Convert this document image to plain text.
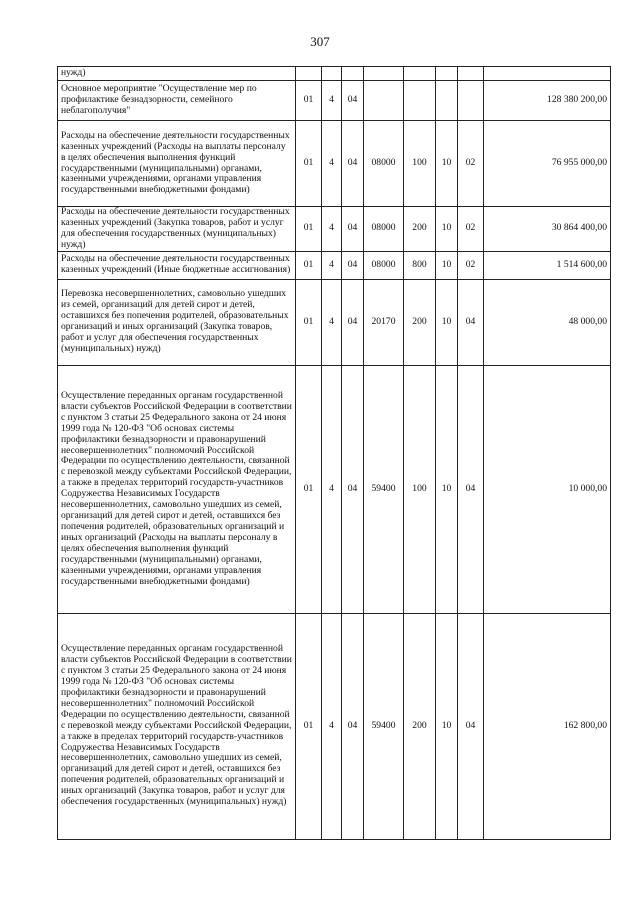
307
нужд)								
Основное мероприятие "Осуществление мер по профилактике безнадзорности, семейного неблагополучия"	01	4	04					128 380 200,00
Расходы на обеспечение деятельности государственных казенных учреждений (Расходы на выплаты персоналу в целях обеспечения выполнения функций государственными (муниципальными) органами, казенными учреждениями, органами управления государственными внебюджетными фондами)	01	4	04	08000	100	10	02	76 955 000,00
Расходы на обеспечение деятельности государственных казенных учреждений (Закупка товаров, работ и услуг для обеспечения государственных (муниципальных) нужд)	01	4	04	08000	200	10	02	30 864 400,00
Расходы на обеспечение деятельности государственных казенных учреждений (Иные бюджетные ассигнования)	01	4	04	08000	800	10	02	1 514 600,00
Перевозка несовершеннолетних, самовольно ушедших из семей, организаций для детей сирот и детей, оставшихся без попечения родителей, образовательных организаций и иных организаций (Закупка товаров, работ и услуг для обеспечения государственных (муниципальных) нужд)	01	4	04	20170	200	10	04	48 000,00
Осуществление переданных органам государственной власти субъектов Российской Федерации в соответствии с пунктом 3 статьи 25 Федерального закона от 24 июня 1999 года № 120-ФЗ "Об основах системы профилактики безнадзорности и правонарушений несовершеннолетних" полномочий Российской Федерации по осуществлению деятельности, связанной с перевозкой между субъектами Российской Федерации, а также в пределах территорий государств-участников Содружества Независимых Государств несовершеннолетних, самовольно ушедших из семей, организаций для детей сирот и детей, оставшихся без попечения родителей, образовательных организаций и иных организаций (Расходы на выплаты персоналу в целях обеспечения выполнения функций государственными (муниципальными) органами, казенными учреждениями, органами управления государственными внебюджетными фондами)	01	4	04	59400	100	10	04	10 000,00
Осуществление переданных органам государственной власти субъектов Российской Федерации в соответствии с пунктом 3 статьи 25 Федерального закона от 24 июня 1999 года № 120-ФЗ "Об основах системы профилактики безнадзорности и правонарушений несовершеннолетних" полномочий Российской Федерации по осуществлению деятельности, связанной с перевозкой между субъектами Российской Федерации, а также в пределах территорий государств-участников Содружества Независимых Государств несовершеннолетних, самовольно ушедших из семей, организаций для детей сирот и детей, оставшихся без попечения родителей, образовательных организаций и иных организаций (Закупка товаров, работ и услуг для обеспечения государственных (муниципальных) нужд)	01	4	04	59400	200	10	04	162 800,00
